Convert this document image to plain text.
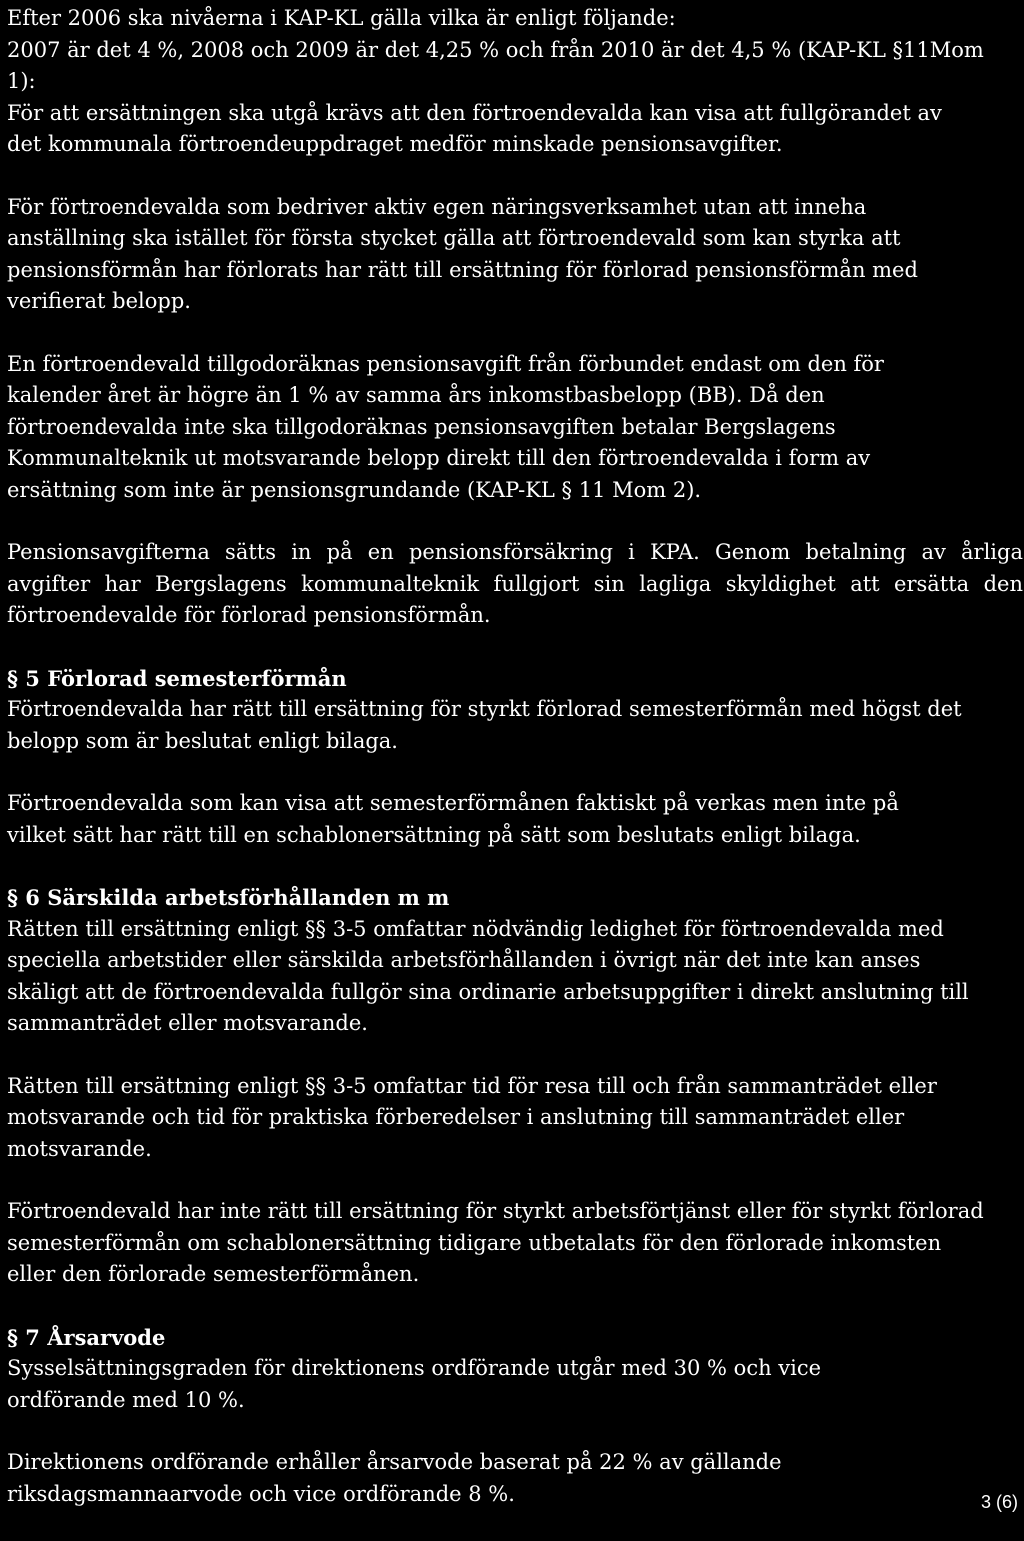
Efter 2006 ska nivåerna i KAP-KL gälla vilka är enligt följande:
2007 är det 4 %, 2008 och 2009 är det 4,25 % och från 2010 är det 4,5 % (KAP-KL §11Mom
1):
För att ersättningen ska utgå krävs att den förtroendevalda kan visa att fullgörandet av
det kommunala förtroendeuppdraget medför minskade pensionsavgifter.
För förtroendevalda som bedriver aktiv egen näringsverksamhet utan att inneha
anställning ska istället för första stycket gälla att förtroendevald som kan styrka att
pensionsförmån har förlorats har rätt till ersättning för förlorad pensionsförmån med
verifierat belopp.
En förtroendevald tillgodoräknas pensionsavgift från förbundet endast om den för
kalender året är högre än 1 % av samma års inkomstbasbelopp (BB). Då den
förtroendevalda inte ska tillgodoräknas pensionsavgiften betalar Bergslagens
Kommunalteknik ut motsvarande belopp direkt till den förtroendevalda i form av
ersättning som inte är pensionsgrundande (KAP-KL § 11 Mom 2).
Pensionsavgifterna sätts in på en pensionsförsäkring i KPA. Genom betalning av årliga
avgifter har Bergslagens kommunalteknik fullgjort sin lagliga skyldighet att ersätta den
förtroendevalde för förlorad pensionsförmån.
§ 5 Förlorad semesterförmån
Förtroendevalda har rätt till ersättning för styrkt förlorad semesterförmån med högst det
belopp som är beslutat enligt bilaga.
Förtroendevalda som kan visa att semesterförmånen faktiskt på verkas men inte på
vilket sätt har rätt till en schablonersättning på sätt som beslutats enligt bilaga.
§ 6 Särskilda arbetsförhållanden m m
Rätten till ersättning enligt §§ 3-5 omfattar nödvändig ledighet för förtroendevalda med
speciella arbetstider eller särskilda arbetsförhållanden i övrigt när det inte kan anses
skäligt att de förtroendevalda fullgör sina ordinarie arbetsuppgifter i direkt anslutning till
sammanträdet eller motsvarande.
Rätten till ersättning enligt §§ 3-5 omfattar tid för resa till och från sammanträdet eller
motsvarande och tid för praktiska förberedelser i anslutning till sammanträdet eller
motsvarande.
Förtroendevald har inte rätt till ersättning för styrkt arbetsförtjänst eller för styrkt förlorad
semesterförmån om schablonersättning tidigare utbetalats för den förlorade inkomsten
eller den förlorade semesterförmånen.
§ 7 Årsarvode
Sysselsättningsgraden för direktionens ordförande utgår med 30 % och vice
ordförande med 10 %.
Direktionens ordförande erhåller årsarvode baserat på 22 % av gällande
riksdagsmannaarvode och vice ordförande 8 %.	3 (6)
